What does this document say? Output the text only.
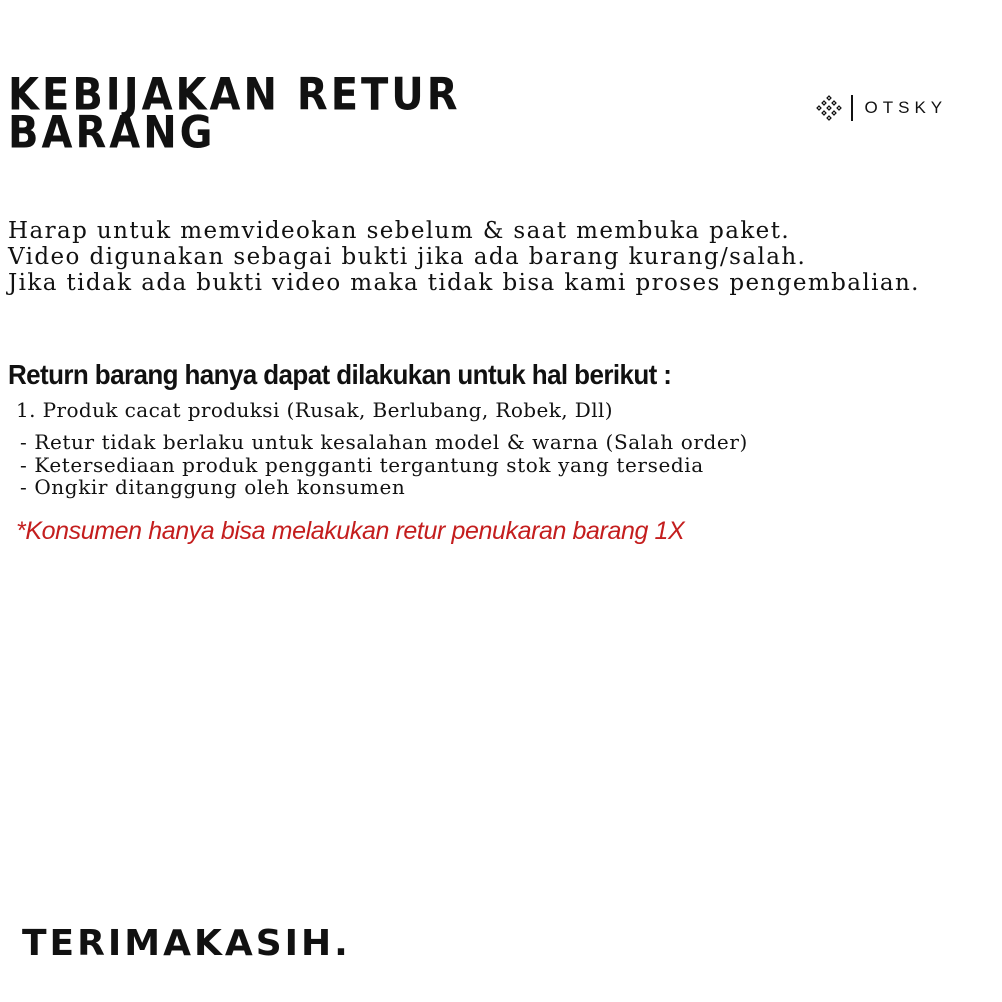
KEBIJAKAN RETUR
BARANG	OTSKY

Harap untuk memvideokan sebelum & saat membuka paket.
Video digunakan sebagai bukti jika ada barang kurang/salah.
Jika tidak ada bukti video maka tidak bisa kami proses pengembalian.

Return barang hanya dapat dilakukan untuk hal berikut :
1. Produk cacat produksi (Rusak, Berlubang, Robek, Dll)
- Retur tidak berlaku untuk kesalahan model & warna (Salah order)
- Ketersediaan produk pengganti tergantung stok yang tersedia
- Ongkir ditanggung oleh konsumen
*Konsumen hanya bisa melakukan retur penukaran barang 1X

TERIMAKASIH.
